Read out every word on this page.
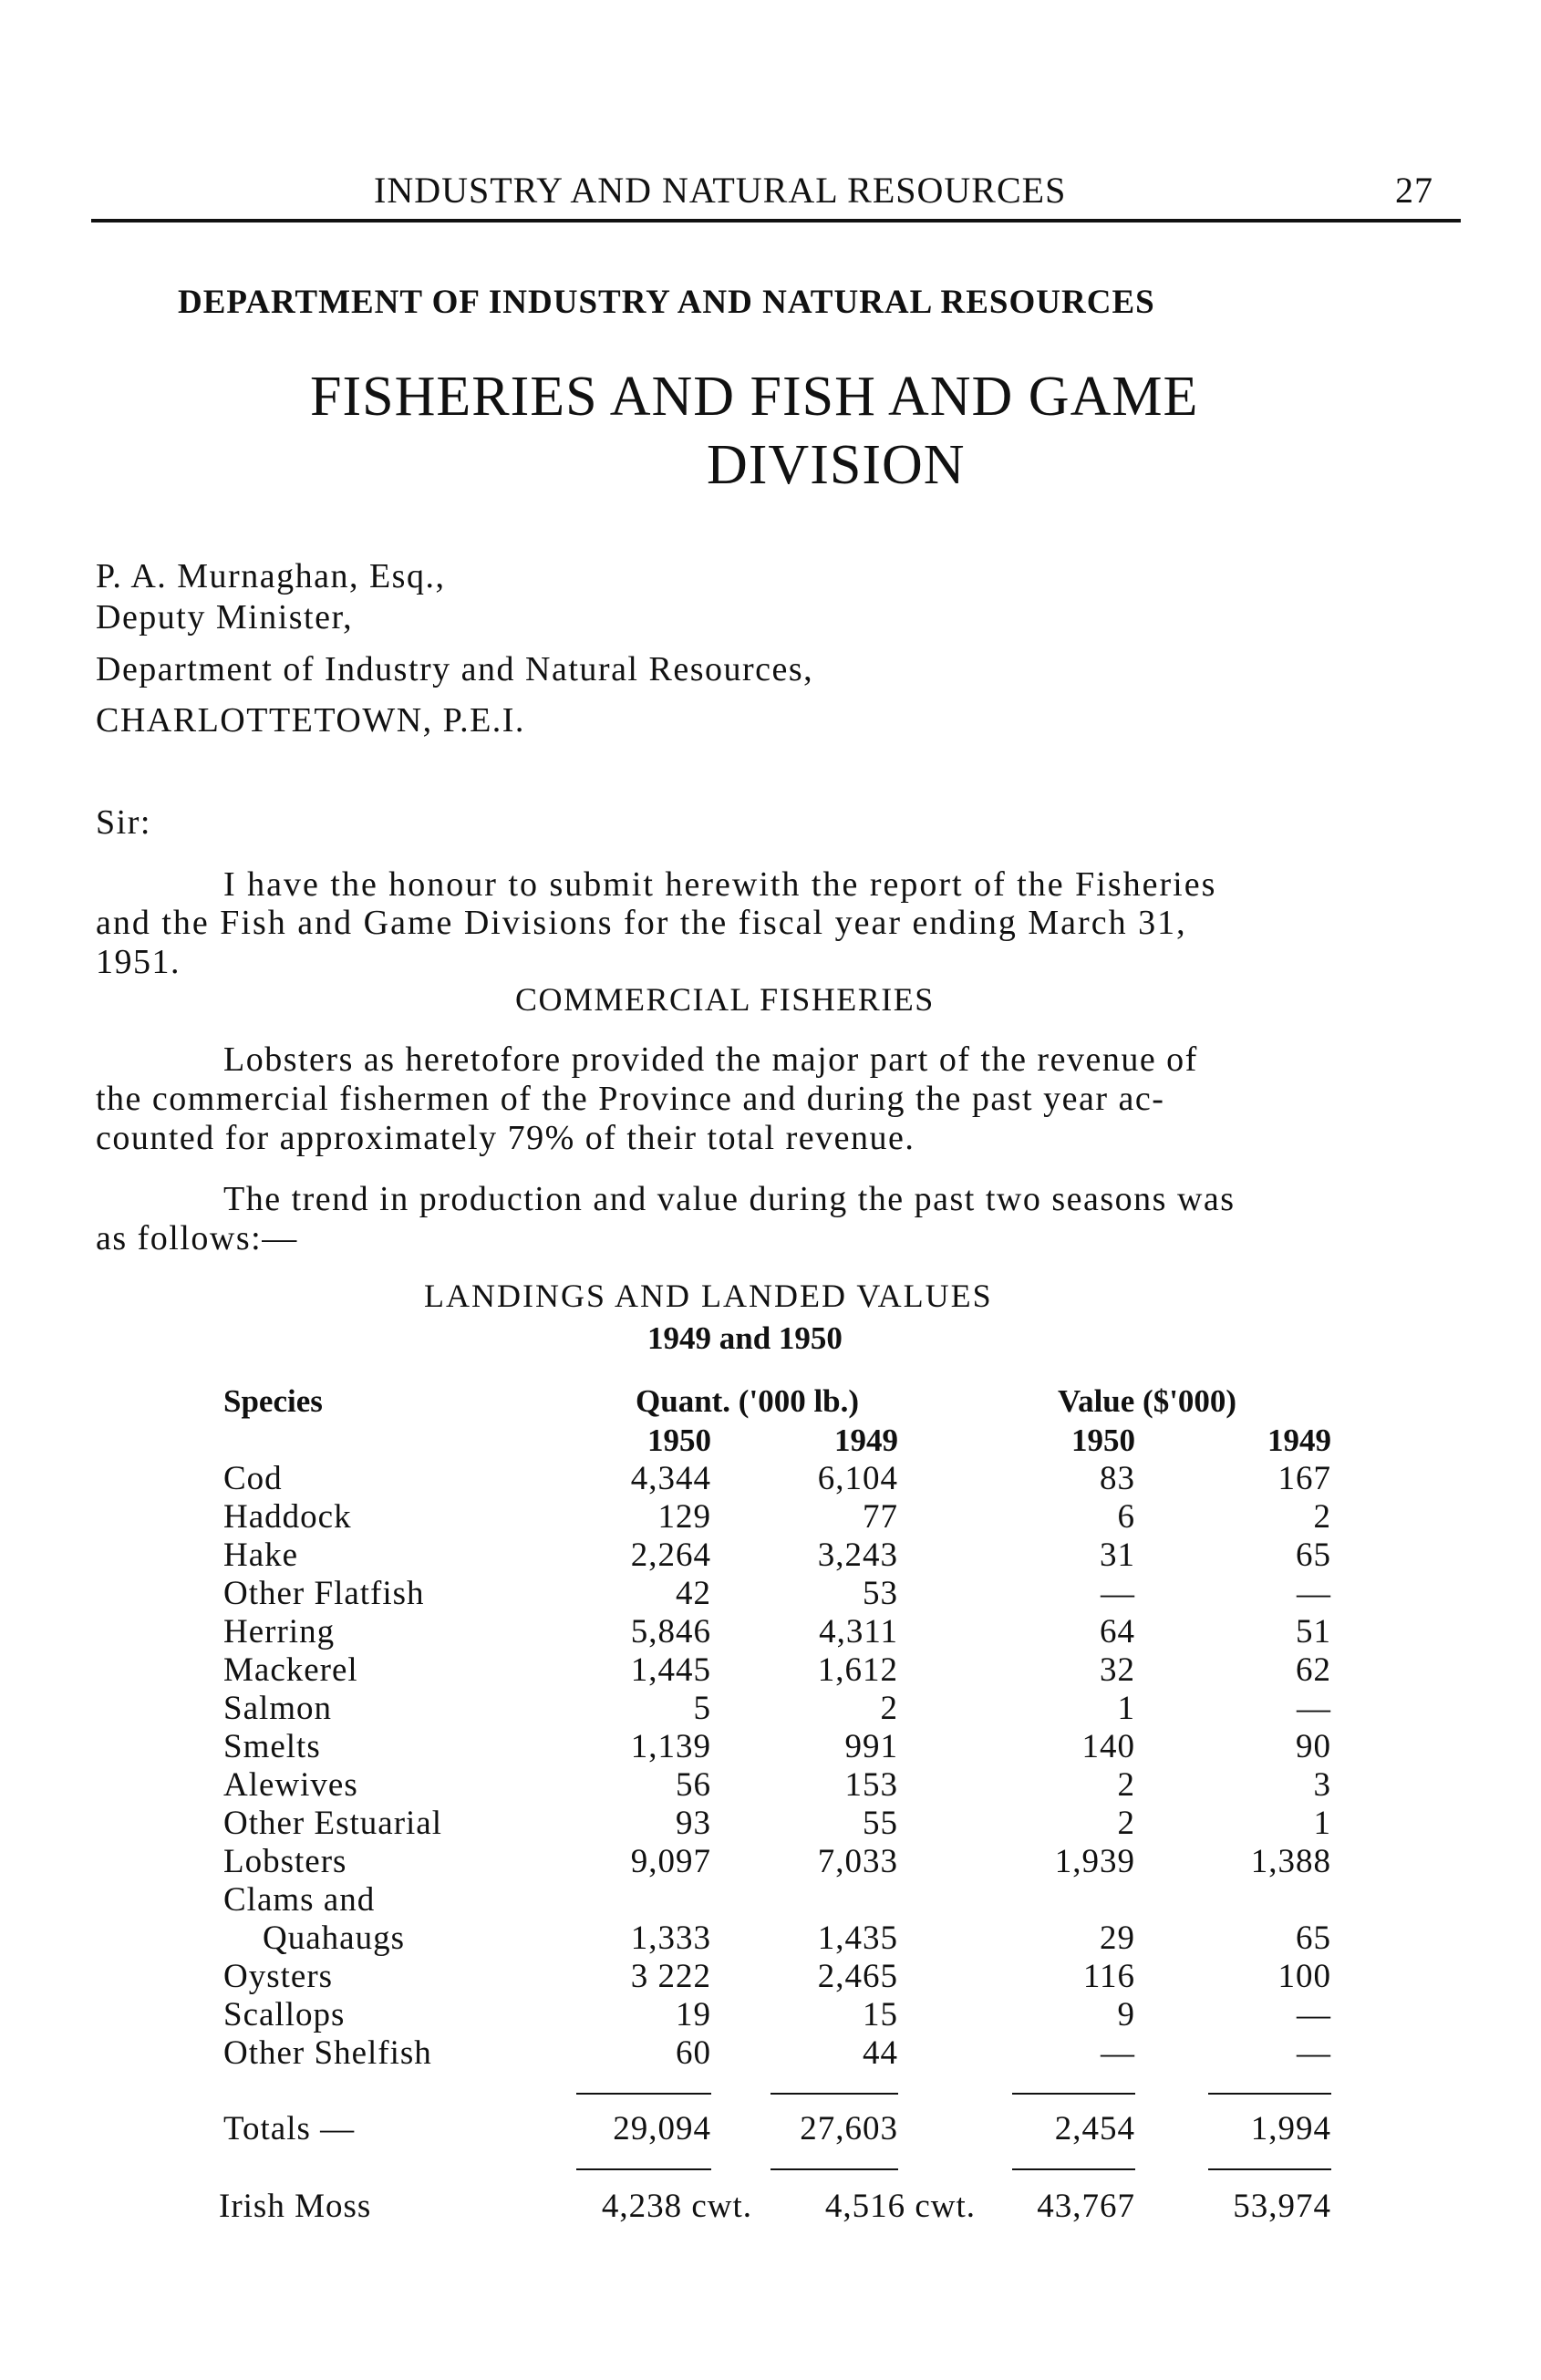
INDUSTRY AND NATURAL RESOURCES	27
DEPARTMENT OF INDUSTRY AND NATURAL RESOURCES
FISHERIES AND FISH AND GAME
DIVISION
P. A. Murnaghan, Esq.,
Deputy Minister,
Department of Industry and Natural Resources,
CHARLOTTETOWN, P.E.I.
Sir:
I have the honour to submit herewith the report of the Fisheries
and the Fish and Game Divisions for the fiscal year ending March 31,
1951.
COMMERCIAL FISHERIES
Lobsters as heretofore provided the major part of the revenue of
the commercial fishermen of the Province and during the past year ac-
counted for approximately 79% of their total revenue.
The trend in production and value during the past two seasons was
as follows:—
LANDINGS AND LANDED VALUES
1949 and 1950
Species	Quant. ('000 lb.)	Value ($'000)
1950	1949	1950	1949
Cod	4,344	6,104	83	167
Haddock	129	77	6	2
Hake	2,264	3,243	31	65
Other Flatfish	42	53	—	—
Herring	5,846	4,311	64	51
Mackerel	1,445	1,612	32	62
Salmon	5	2	1	—
Smelts	1,139	991	140	90
Alewives	56	153	2	3
Other Estuarial	93	55	2	1
Lobsters	9,097	7,033	1,939	1,388
Clams and
Quahaugs	1,333	1,435	29	65
Oysters	3 222	2,465	116	100
Scallops	19	15	9	—
Other Shelfish	60	44	—	—
Totals —	29,094	27,603	2,454	1,994
Irish Moss	4,238 cwt.	4,516 cwt.	43,767	53,974
